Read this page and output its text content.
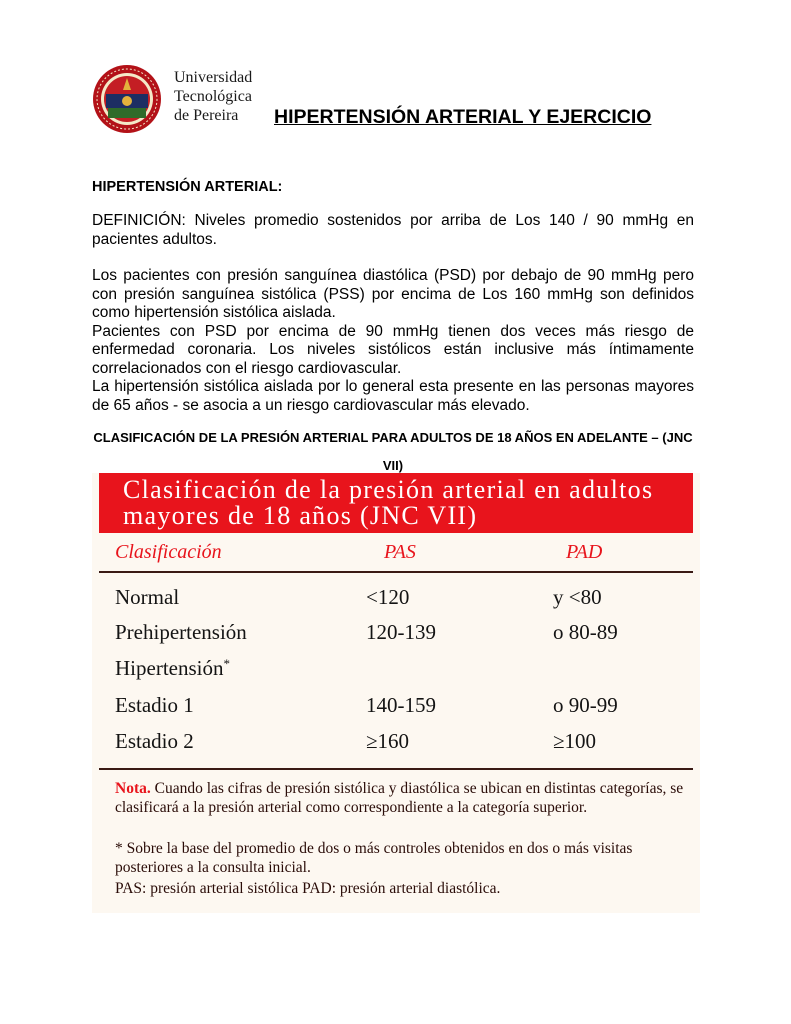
Universidad
Tecnológica
de Pereira	HIPERTENSIÓN ARTERIAL Y EJERCICIO
HIPERTENSIÓN ARTERIAL:

DEFINICIÓN: Niveles promedio sostenidos por arriba de Los 140 / 90 mmHg en pacientes adultos.

Los pacientes con presión sanguínea diastólica (PSD) por debajo de 90 mmHg pero con presión sanguínea sistólica (PSS) por encima de Los 160 mmHg son definidos como hipertensión sistólica aislada.

Pacientes con PSD por encima de 90 mmHg tienen dos veces más riesgo de enfermedad coronaria. Los niveles sistólicos están inclusive más íntimamente correlacionados con el riesgo cardiovascular.

La hipertensión sistólica aislada por lo general esta presente en las personas mayores de 65 años - se asocia a un riesgo cardiovascular más elevado.

CLASIFICACIÓN DE LA PRESIÓN ARTERIAL PARA ADULTOS DE 18 AÑOS EN ADELANTE – (JNC VII)
Clasificación de la presión arterial en adultos
mayores de 18 años (JNC VII)
Clasificación	PAS	PAD
Normal	<120	y <80
Prehipertensión	120-139	o 80-89
Hipertensión*
Estadio 1	140-159	o 90-99
Estadio 2	≥160	≥100
Nota. Cuando las cifras de presión sistólica y diastólica se ubican en distintas categorías, se clasificará a la presión arterial como correspondiente a la categoría superior.
* Sobre la base del promedio de dos o más controles obtenidos en dos o más visitas posteriores a la consulta inicial.
PAS: presión arterial sistólica PAD: presión arterial diastólica.
